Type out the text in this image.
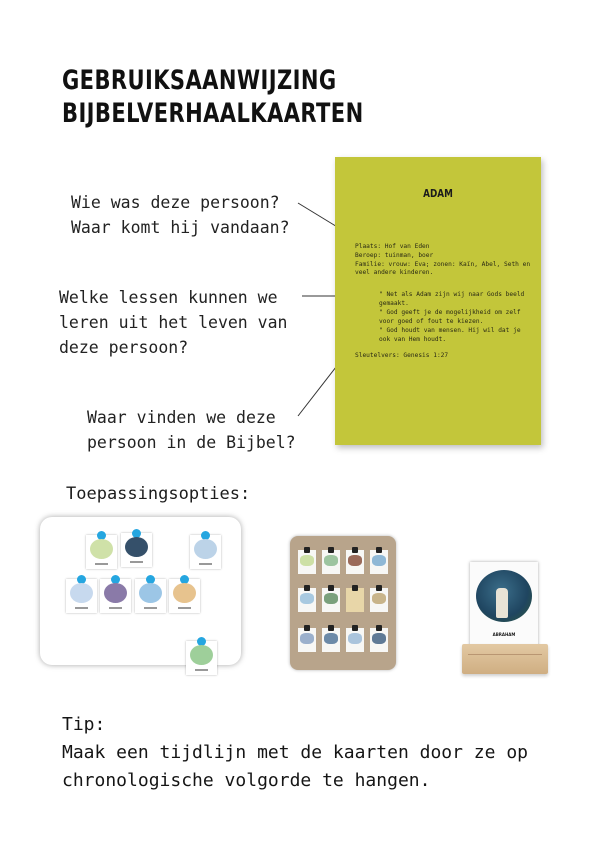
GEBRUIKSAANWIJZING
BIJBELVERHAALKAARTEN
Wie was deze persoon?
Waar komt hij vandaan?
Welke lessen kunnen we
leren uit het leven van
deze persoon?
Waar vinden we deze
persoon in de Bijbel?
ADAM
Plaats: Hof van Eden
Beroep: tuinman, boer
Familie: vrouw: Eva; zonen: Kaïn, Abel, Seth en
veel andere kinderen.
" Net als Adam zijn wij naar Gods beeld gemaakt.
" God geeft je de mogelijkheid om zelf voor goed of fout te kiezen.
" God houdt van mensen. Hij wil dat je ook van Hem houdt.
Sleutelvers: Genesis 1:27
Toepassingsopties:
ABRAHAM
Tip:
Maak een tijdlijn met de kaarten door ze op
chronologische volgorde te hangen.
